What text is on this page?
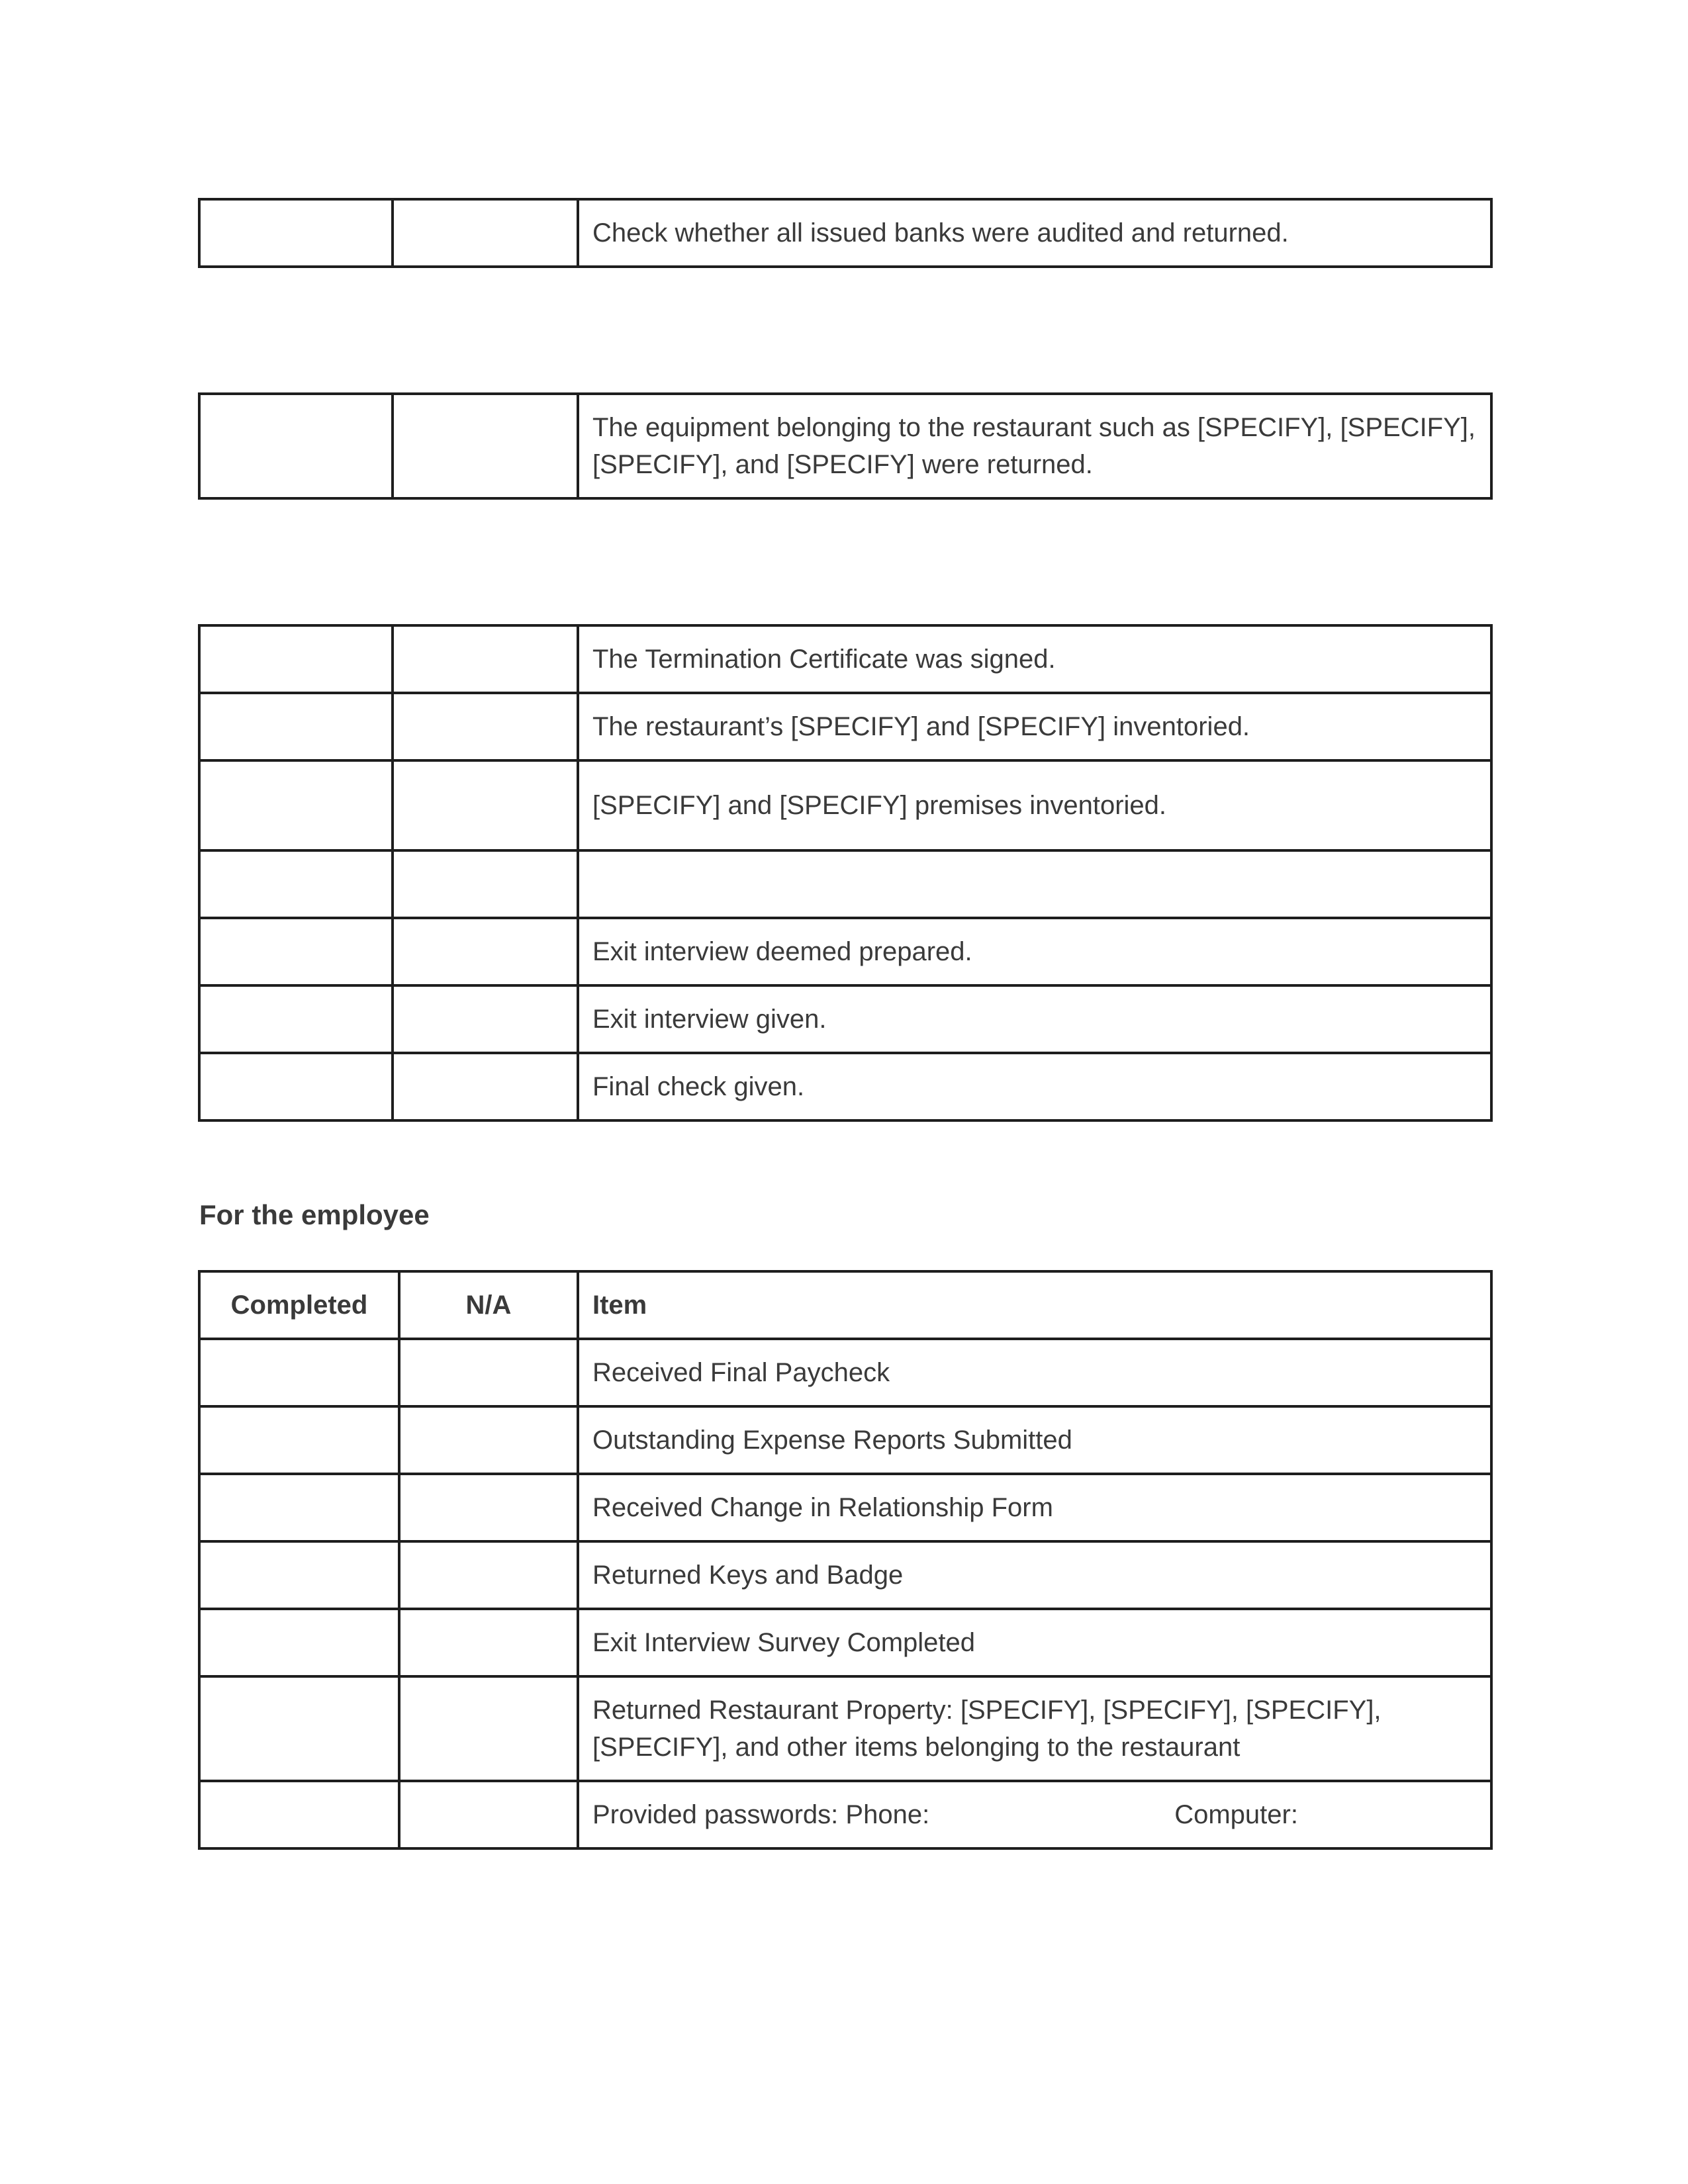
		Check whether all issued banks were audited and returned.
		The equipment belonging to the restaurant such as [SPECIFY], [SPECIFY], [SPECIFY], and [SPECIFY] were returned.
		The Termination Certificate was signed.
		The restaurant’s [SPECIFY] and [SPECIFY] inventoried.
		[SPECIFY] and [SPECIFY] premises inventoried.

		Exit interview deemed prepared.
		Exit interview given.
		Final check given.
For the employee
Completed	N/A	Item
		Received Final Paycheck
		Outstanding Expense Reports Submitted
		Received Change in Relationship Form
		Returned Keys and Badge
		Exit Interview Survey Completed
		Returned Restaurant Property: [SPECIFY], [SPECIFY], [SPECIFY], [SPECIFY], and other items belonging to the restaurant
		Provided passwords: Phone: Computer:
